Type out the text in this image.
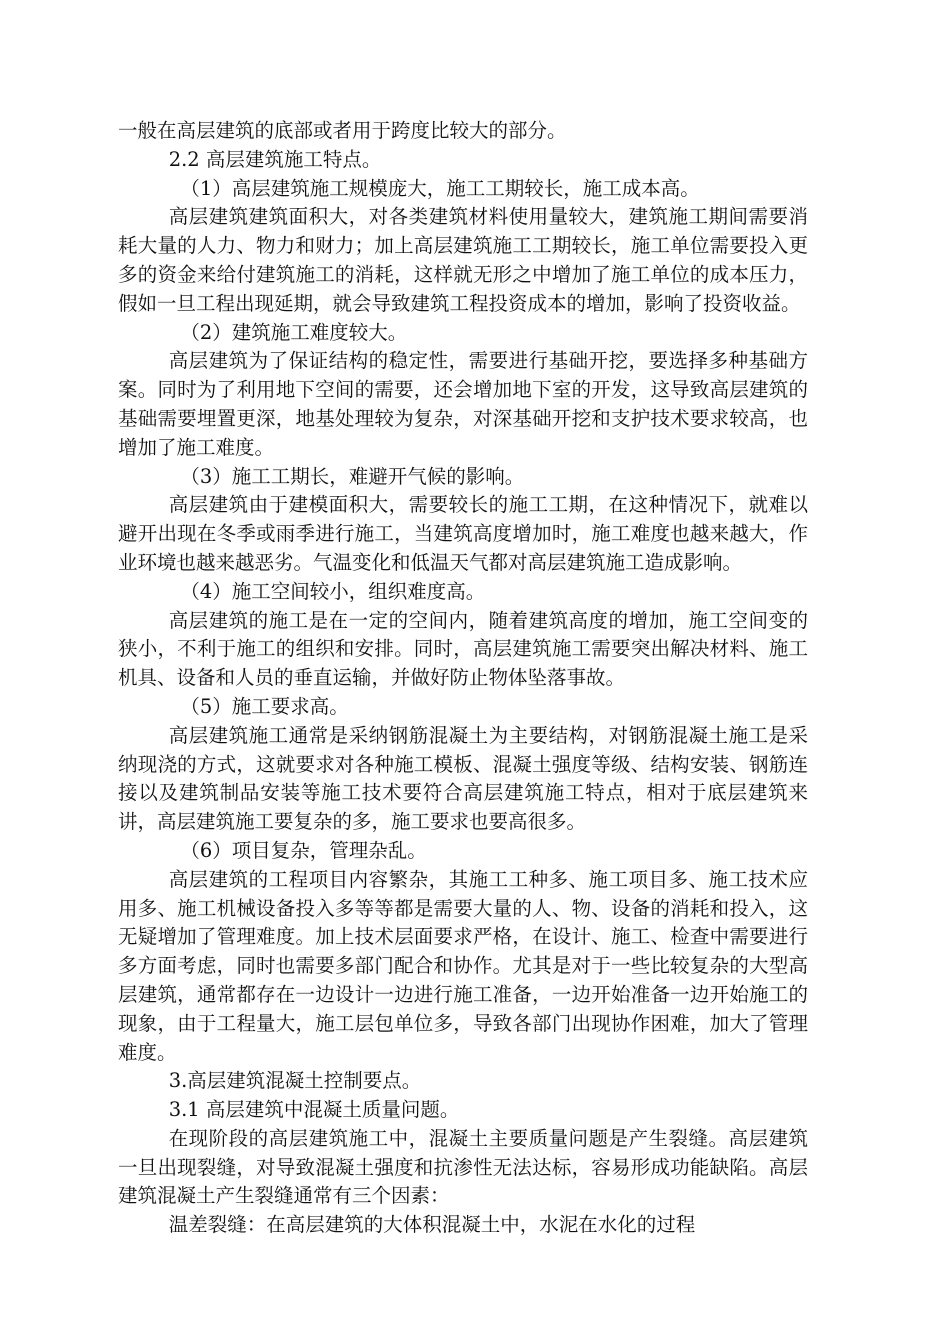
一般在高层建筑的底部或者用于跨度比较大的部分。

2.2 高层建筑施工特点。

（1）高层建筑施工规模庞大，施工工期较长，施工成本高。

高层建筑建筑面积大，对各类建筑材料使用量较大，建筑施工期间需要消耗大量的人力、物力和财力；加上高层建筑施工工期较长，施工单位需要投入更多的资金来给付建筑施工的消耗，这样就无形之中增加了施工单位的成本压力，假如一旦工程出现延期，就会导致建筑工程投资成本的增加，影响了投资收益。

（2）建筑施工难度较大。

高层建筑为了保证结构的稳定性，需要进行基础开挖，要选择多种基础方案。同时为了利用地下空间的需要，还会增加地下室的开发，这导致高层建筑的基础需要埋置更深，地基处理较为复杂，对深基础开挖和支护技术要求较高，也增加了施工难度。

（3）施工工期长，难避开气候的影响。

高层建筑由于建模面积大，需要较长的施工工期，在这种情况下，就难以避开出现在冬季或雨季进行施工，当建筑高度增加时，施工难度也越来越大，作业环境也越来越恶劣。气温变化和低温天气都对高层建筑施工造成影响。

（4）施工空间较小，组织难度高。

高层建筑的施工是在一定的空间内，随着建筑高度的增加，施工空间变的狭小，不利于施工的组织和安排。同时，高层建筑施工需要突出解决材料、施工机具、设备和人员的垂直运输，并做好防止物体坠落事故。

（5）施工要求高。

高层建筑施工通常是采纳钢筋混凝土为主要结构，对钢筋混凝土施工是采纳现浇的方式，这就要求对各种施工模板、混凝土强度等级、结构安装、钢筋连接以及建筑制品安装等施工技术要符合高层建筑施工特点，相对于底层建筑来讲，高层建筑施工要复杂的多，施工要求也要高很多。

（6）项目复杂，管理杂乱。

高层建筑的工程项目内容繁杂，其施工工种多、施工项目多、施工技术应用多、施工机械设备投入多等等都是需要大量的人、物、设备的消耗和投入，这无疑增加了管理难度。加上技术层面要求严格，在设计、施工、检查中需要进行多方面考虑，同时也需要多部门配合和协作。尤其是对于一些比较复杂的大型高层建筑，通常都存在一边设计一边进行施工准备，一边开始准备一边开始施工的现象，由于工程量大，施工层包单位多，导致各部门出现协作困难，加大了管理难度。

3.高层建筑混凝土控制要点。

3.1 高层建筑中混凝土质量问题。

在现阶段的高层建筑施工中，混凝土主要质量问题是产生裂缝。高层建筑一旦出现裂缝，对导致混凝土强度和抗渗性无法达标，容易形成功能缺陷。高层建筑混凝土产生裂缝通常有三个因素：

温差裂缝：在高层建筑的大体积混凝土中，水泥在水化的过程
